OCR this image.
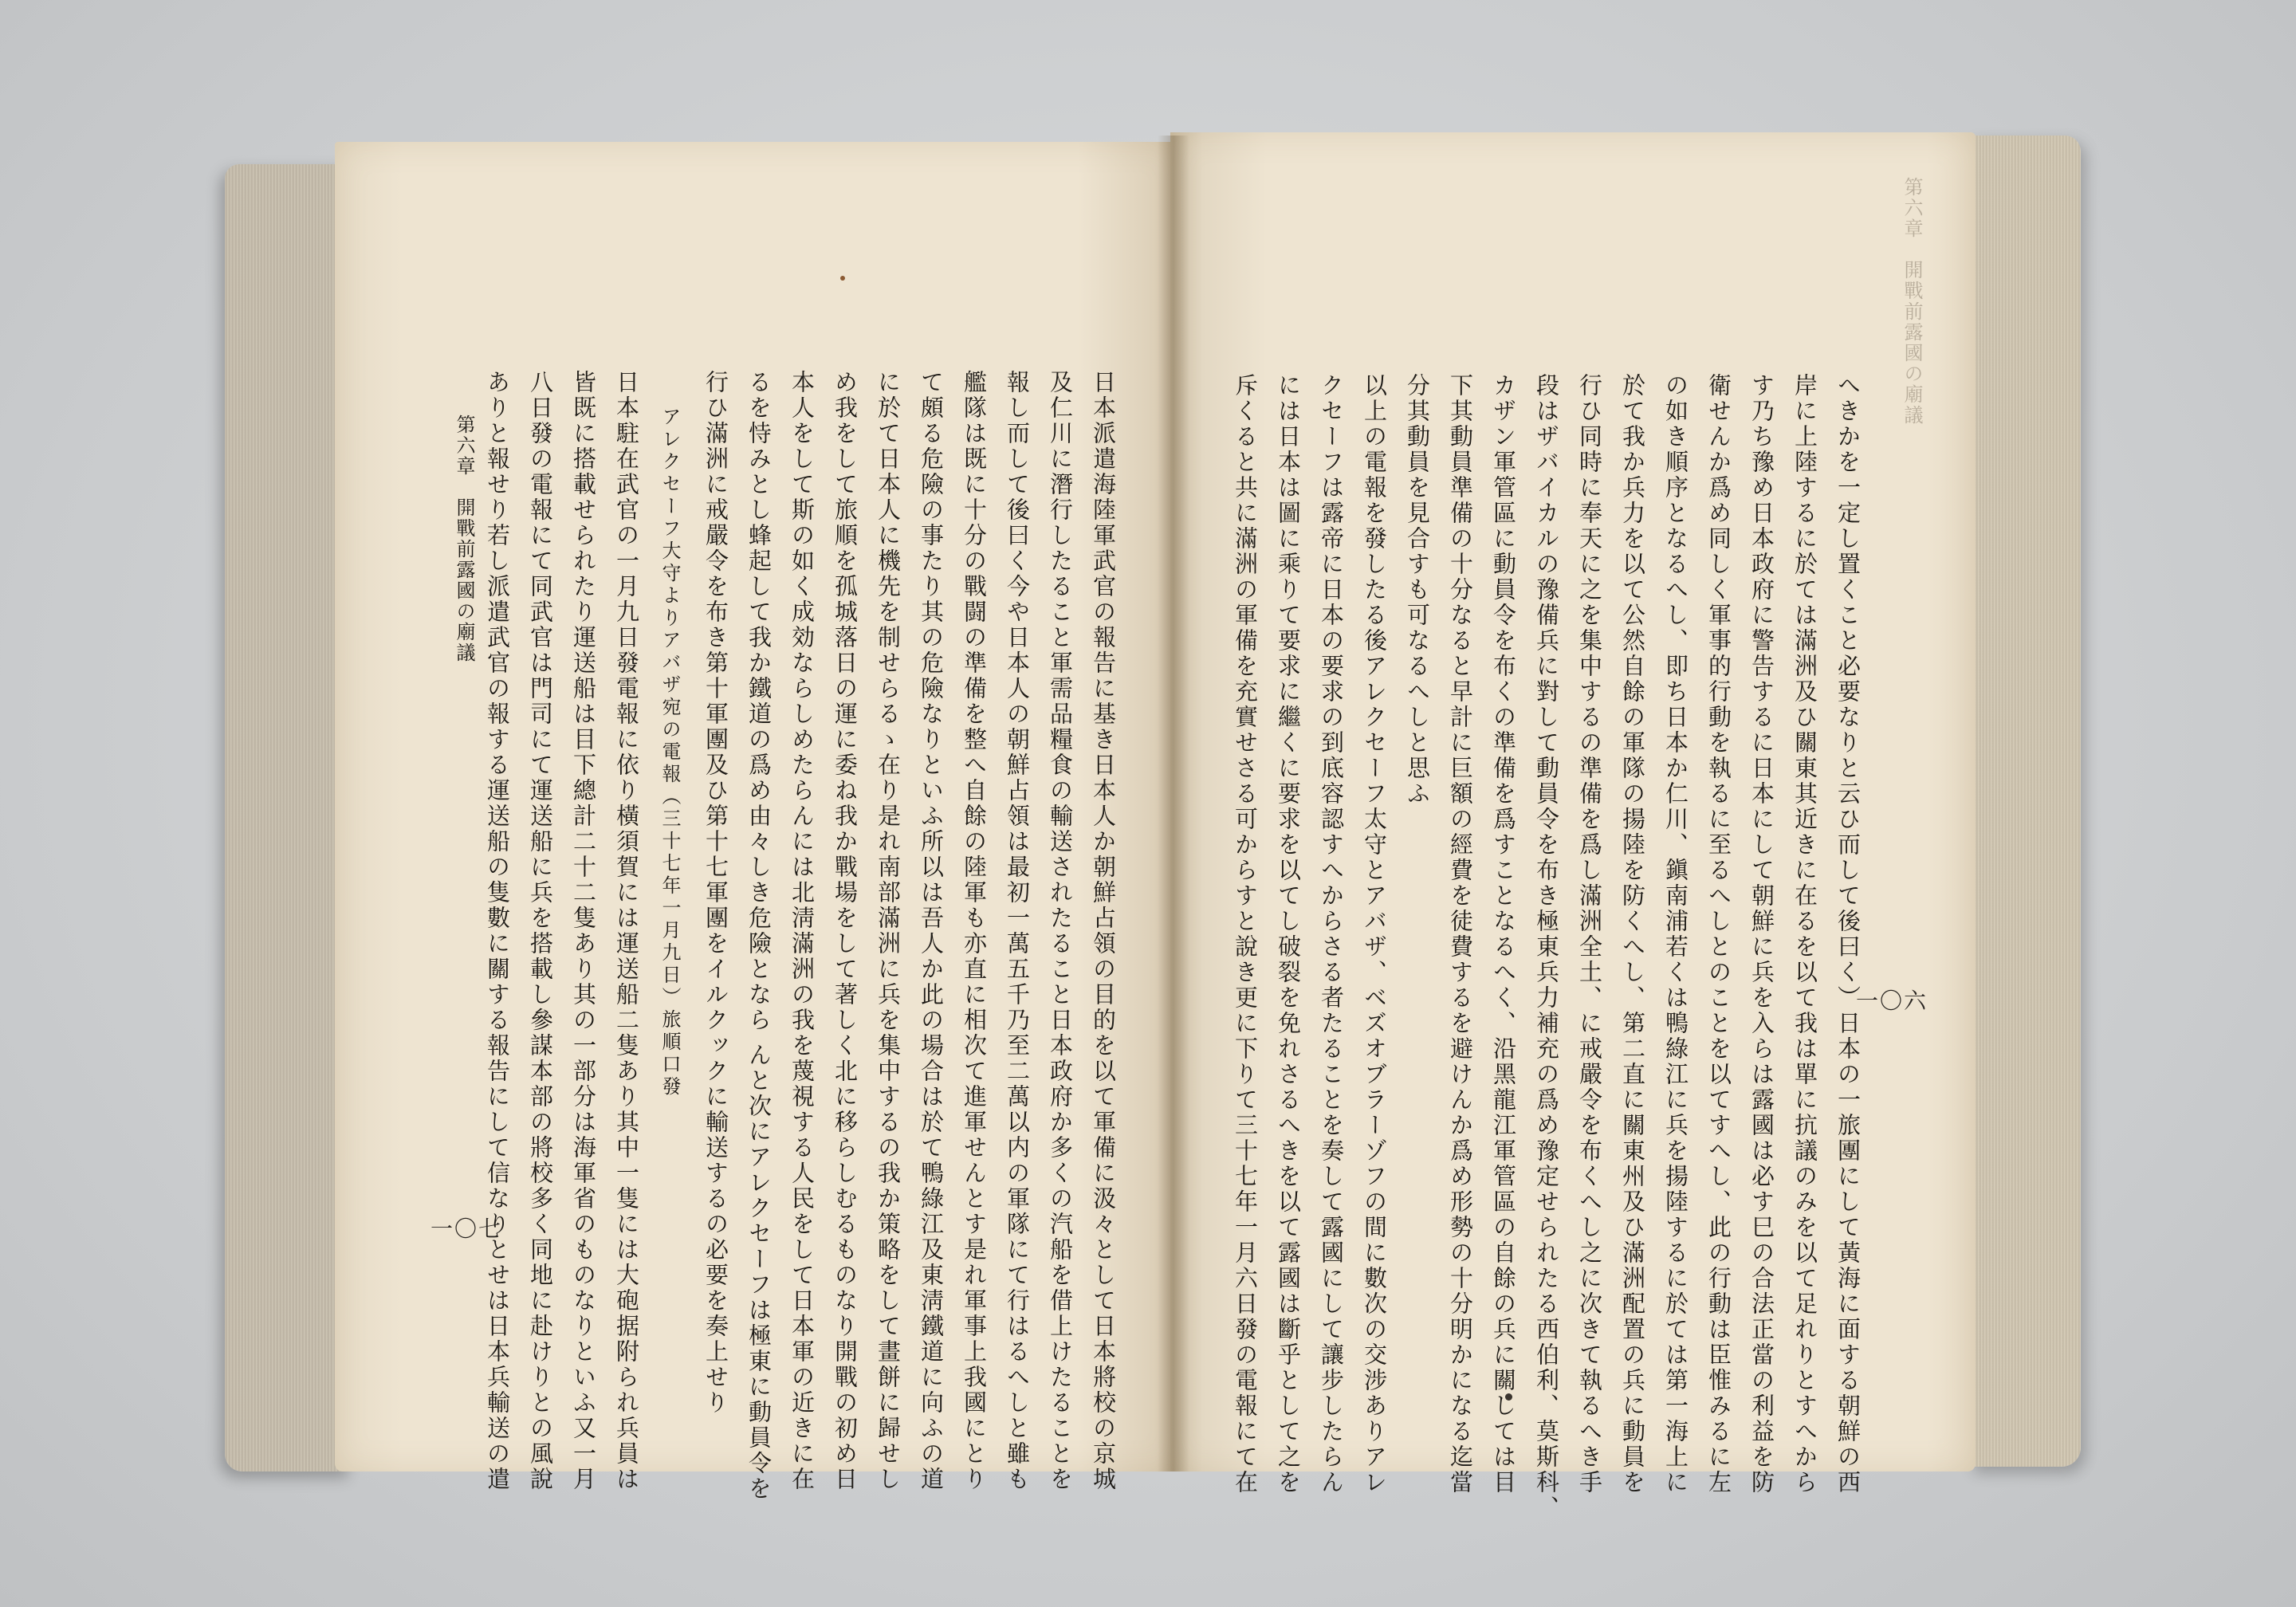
第六章　開戰前露國の廟議
一〇六
へきかを一定し置くこと必要なりと云ひ而して後曰く）日本の一旅團にして黃海に面する朝鮮の西
岸に上陸するに於ては滿洲及ひ關東其近きに在るを以て我は單に抗議のみを以て足れりとすへから
す乃ち豫め日本政府に警告するに日本にして朝鮮に兵を入らは露國は必す巳の合法正當の利益を防
衛せんか爲め同しく軍事的行動を執るに至るへしとのことを以てすへし、此の行動は臣惟みるに左
の如き順序となるへし、即ち日本か仁川、鎭南浦若くは鴨綠江に兵を揚陸するに於ては第一海上に
於て我か兵力を以て公然自餘の軍隊の揚陸を防くへし、第二直に關東州及ひ滿洲配置の兵に動員を
行ひ同時に奉天に之を集中するの準備を爲し滿洲全土、に戒嚴令を布くへし之に次きて執るへき手
段はザバイカルの豫備兵に對して動員令を布き極東兵力補充の爲め豫定せられたる西伯利、莫斯科、
カザン軍管區に動員令を布くの準備を爲すことなるへく、沿黑龍江軍管區の自餘の兵に關しては目
下其動員準備の十分なると早計に巨額の經費を徒費するを避けんか爲め形勢の十分明かになる迄當
分其動員を見合すも可なるへしと思ふ
以上の電報を發したる後アレクセーフ太守とアバザ、ベズオブラーゾフの間に數次の交涉ありアレ
クセーフは露帝に日本の要求の到底容認すへからさる者たることを奏して露國にして讓步したらん
には日本は圖に乘りて要求に繼くに要求を以てし破裂を免れさるへきを以て露國は斷乎として之を
斥くると共に滿洲の軍備を充實せさる可からすと說き更に下りて三十七年一月六日發の電報にて在
日本派遣海陸軍武官の報告に基き日本人か朝鮮占領の目的を以て軍備に汲々として日本將校の京城
及仁川に潛行したること軍需品糧食の輸送されたること日本政府か多くの汽船を借上けたることを
報し而して後曰く今や日本人の朝鮮占領は最初一萬五千乃至二萬以内の軍隊にて行はるへしと雖も
艦隊は既に十分の戰闘の準備を整へ自餘の陸軍も亦直に相次て進軍せんとす是れ軍事上我國にとり
て頗る危險の事たり其の危險なりといふ所以は吾人か此の場合は於て鴨綠江及東淸鐵道に向ふの道
に於て日本人に機先を制せらるゝ在り是れ南部滿洲に兵を集中するの我か策略をして畫餅に歸せし
め我をして旅順を孤城落日の運に委ね我か戰場をして著しく北に移らしむるものなり開戰の初め日
本人をして斯の如く成効ならしめたらんには北淸滿洲の我を蔑視する人民をして日本軍の近きに在
るを恃みとし蜂起して我か鐵道の爲め由々しき危險となら んと次にアレクセーフは極東に動員令を
行ひ滿洲に戒嚴令を布き第十軍團及ひ第十七軍團をイルクックに輸送するの必要を奏上せり
アレクセーフ大守よりアバザ宛の電報（三十七年一月九日）旅順口發
日本駐在武官の一月九日發電報に依り橫須賀には運送船二隻あり其中一隻には大砲据附られ兵員は
皆既に搭載せられたり運送船は目下總計二十二隻あり其の一部分は海軍省のものなりといふ又一月
八日發の電報にて同武官は門司にて運送船に兵を搭載し參謀本部の將校多く同地に赴けりとの風說
ありと報せり若し派遣武官の報する運送船の隻數に關する報告にして信なりとせは日本兵輸送の遣
第六章　開戰前露國の廟議
一〇七
